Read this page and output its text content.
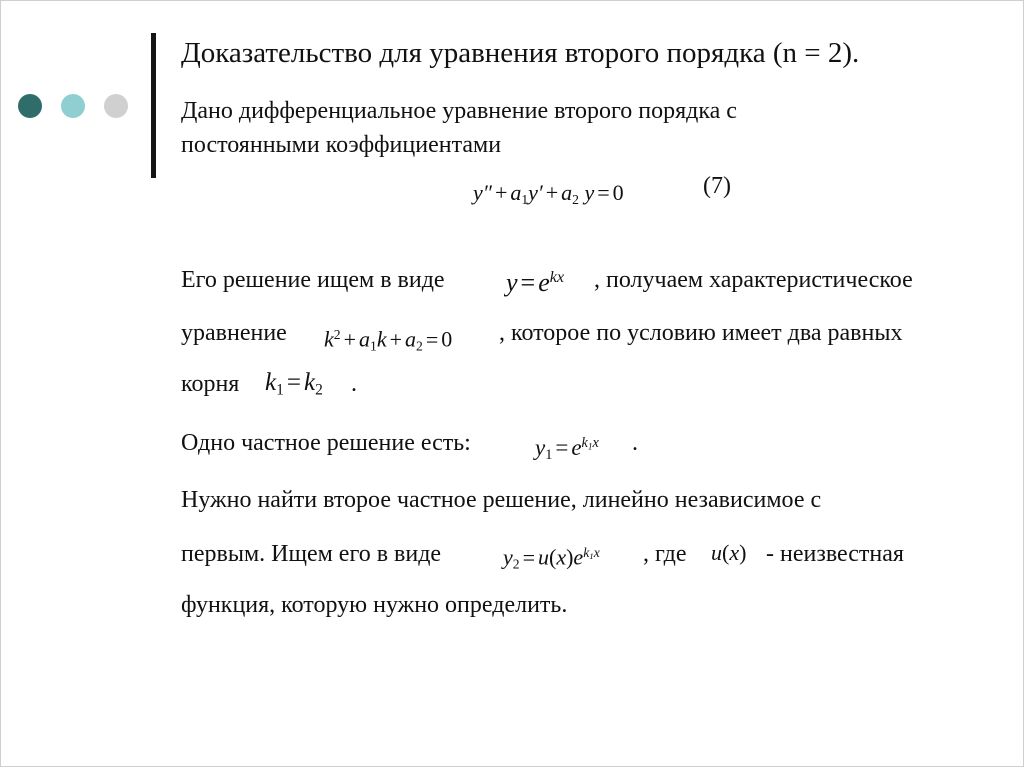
Доказательство для уравнения второго порядка (n = 2).
Дано дифференциальное уравнение второго порядка с
постоянными коэффициентами
$y'' + a_1y' + a_2$ y = 0	(7)
Его решение ищем в виде $y = e^{kx}$ , получаем характеристическое
уравнение $k^2 + a_1k + a_2 = 0$ , которое по условию имеет два равных
корня $k_1 = k_2$ .
Одно частное решение есть:	$y_1 = e^{k1x}$ .
Нужно найти второе частное решение, линейно независимое с
первым. Ищем его в виде	$y_2 = u(x)e^{k1x}$ , где u(x) - неизвестная
функция, которую нужно определить.
